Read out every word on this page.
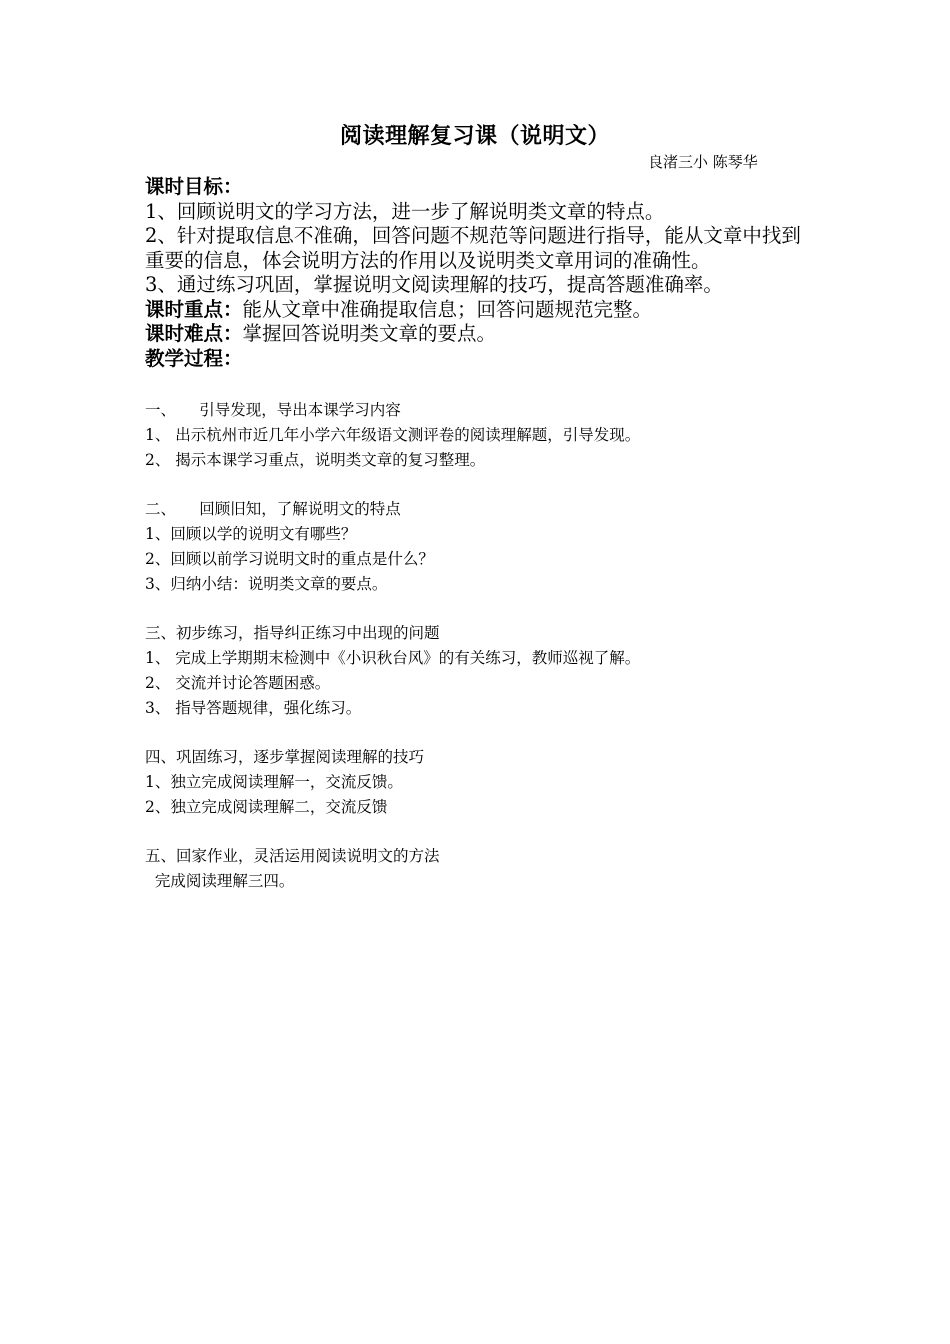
阅读理解复习课（说明文）
良渚三小 陈琴华

课时目标：

1、回顾说明文的学习方法，进一步了解说明类文章的特点。

2、针对提取信息不准确，回答问题不规范等问题进行指导，能从文章中找到重要的信息，体会说明方法的作用以及说明类文章用词的准确性。

3、通过练习巩固，掌握说明文阅读理解的技巧，提高答题准确率。

课时重点：能从文章中准确提取信息；回答问题规范完整。

课时难点：掌握回答说明类文章的要点。

教学过程：

一、　　引导发现，导出本课学习内容

1、 出示杭州市近几年小学六年级语文测评卷的阅读理解题，引导发现。

2、 揭示本课学习重点，说明类文章的复习整理。

二、　　回顾旧知，了解说明文的特点

1、回顾以学的说明文有哪些？

2、回顾以前学习说明文时的重点是什么？

3、归纳小结：说明类文章的要点。

三、初步练习，指导纠正练习中出现的问题

1、 完成上学期期末检测中《小识秋台风》的有关练习，教师巡视了解。

2、 交流并讨论答题困惑。

3、 指导答题规律，强化练习。

四、巩固练习，逐步掌握阅读理解的技巧

1、独立完成阅读理解一，交流反馈。

2、独立完成阅读理解二，交流反馈

五、回家作业，灵活运用阅读说明文的方法

完成阅读理解三四。
